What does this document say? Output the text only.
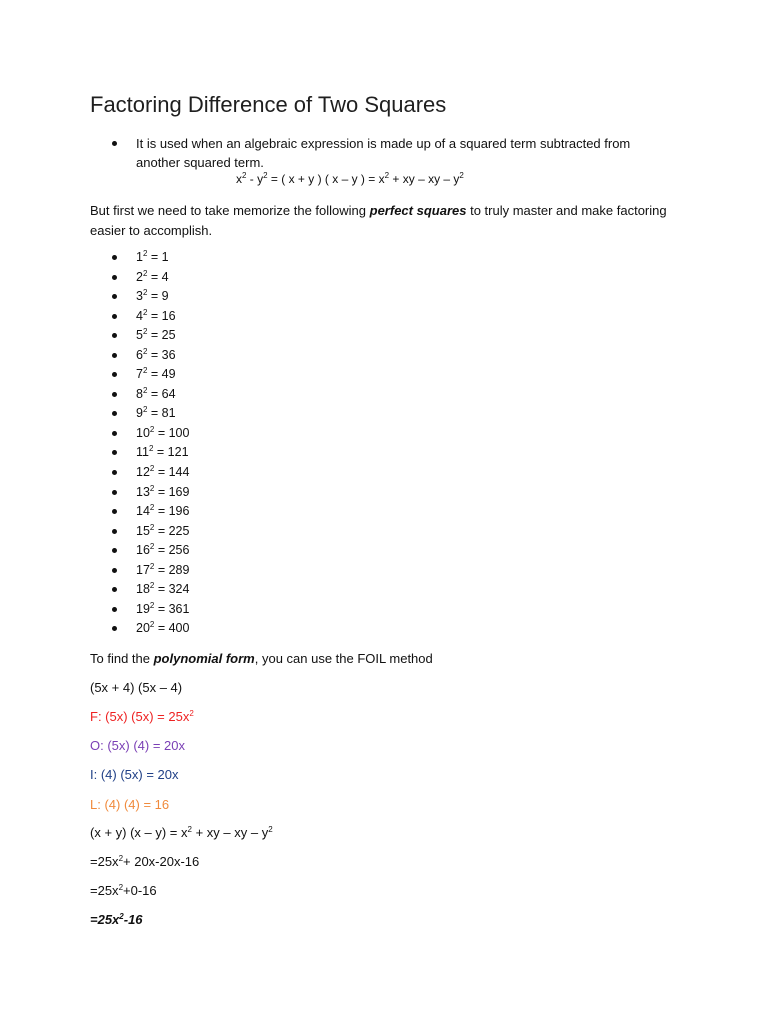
Factoring Difference of Two Squares
It is used when an algebraic expression is made up of a squared term subtracted from another squared term.
$x^2 - y^2$ = ( x + y ) ( x – y ) = $x^2$ + xy – xy – $y^2$

But first we need to take memorize the following perfect squares to truly master and make factoring easier to accomplish.

$1^2 = 1$
$2^2 = 4$
$3^2 = 9$
$4^2 = 16$
$5^2 = 25$
$6^2 = 36$
$7^2 = 49$
$8^2 = 64$
$9^2 = 81$
$10^2 = 100$
$11^2 = 121$
$12^2 = 144$
$13^2 = 169$
$14^2 = 196$
$15^2 = 225$
$16^2 = 256$
$17^2 = 289$
$18^2 = 324$
$19^2 = 361$
$20^2 = 400$
To find the polynomial form, you can use the FOIL method
(5x + 4) (5x – 4)
F: (5x) $(5x) = 25x^2$
O: (5x) (4) = 20x
I: (4) (5x) = 20x
L: (4) (4) = 16
(x + y) $(x - y) = x^2$ + xy – xy – $y^2$
$=25x^2+ 20x-20x-16$
$=25x^2+0-16$
$=25x^2-16$
